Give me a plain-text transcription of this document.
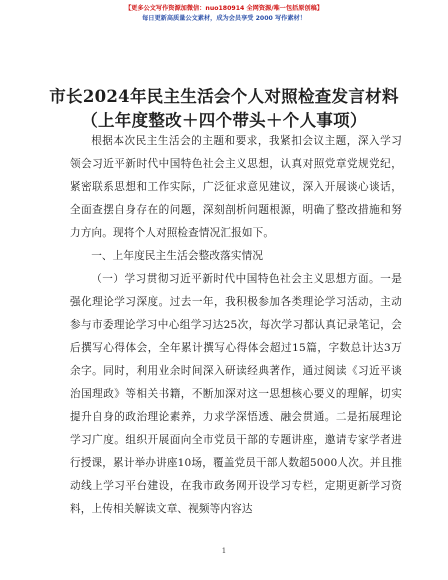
【更多公文写作资源加微信：nuo180914 全网资源/唯一包括原创稿】
每日更新高质量公文素材，成为会员享受 2000 写作素材！
市长2024年民主生活会个人对照检查发言材料
（上年度整改＋四个带头＋个人事项）

根据本次民主生活会的主题和要求，我紧扣会议主题，深入学习领会习近平新时代中国特色社会主义思想，认真对照党章党规党纪，紧密联系思想和工作实际，广泛征求意见建议，深入开展谈心谈话，全面查摆自身存在的问题，深刻剖析问题根源，明确了整改措施和努力方向。现将个人对照检查情况汇报如下。

一、上年度民主生活会整改落实情况

（一）学习贯彻习近平新时代中国特色社会主义思想方面。一是强化理论学习深度。过去一年，我积极参加各类理论学习活动，主动参与市委理论学习中心组学习达25次，每次学习都认真记录笔记，会后撰写心得体会，全年累计撰写心得体会超过15篇，字数总计达3万余字。同时，利用业余时间深入研读经典著作，通过阅读《习近平谈治国理政》等相关书籍，不断加深对这一思想核心要义的理解，切实提升自身的政治理论素养，力求学深悟透、融会贯通。二是拓展理论学习广度。组织开展面向全市党员干部的专题讲座，邀请专家学者进行授课，累计举办讲座10场，覆盖党员干部人数超5000人次。并且推动线上学习平台建设，在我市政务网开设学习专栏，定期更新学习资料，上传相关解读文章、视频等内容达

1
